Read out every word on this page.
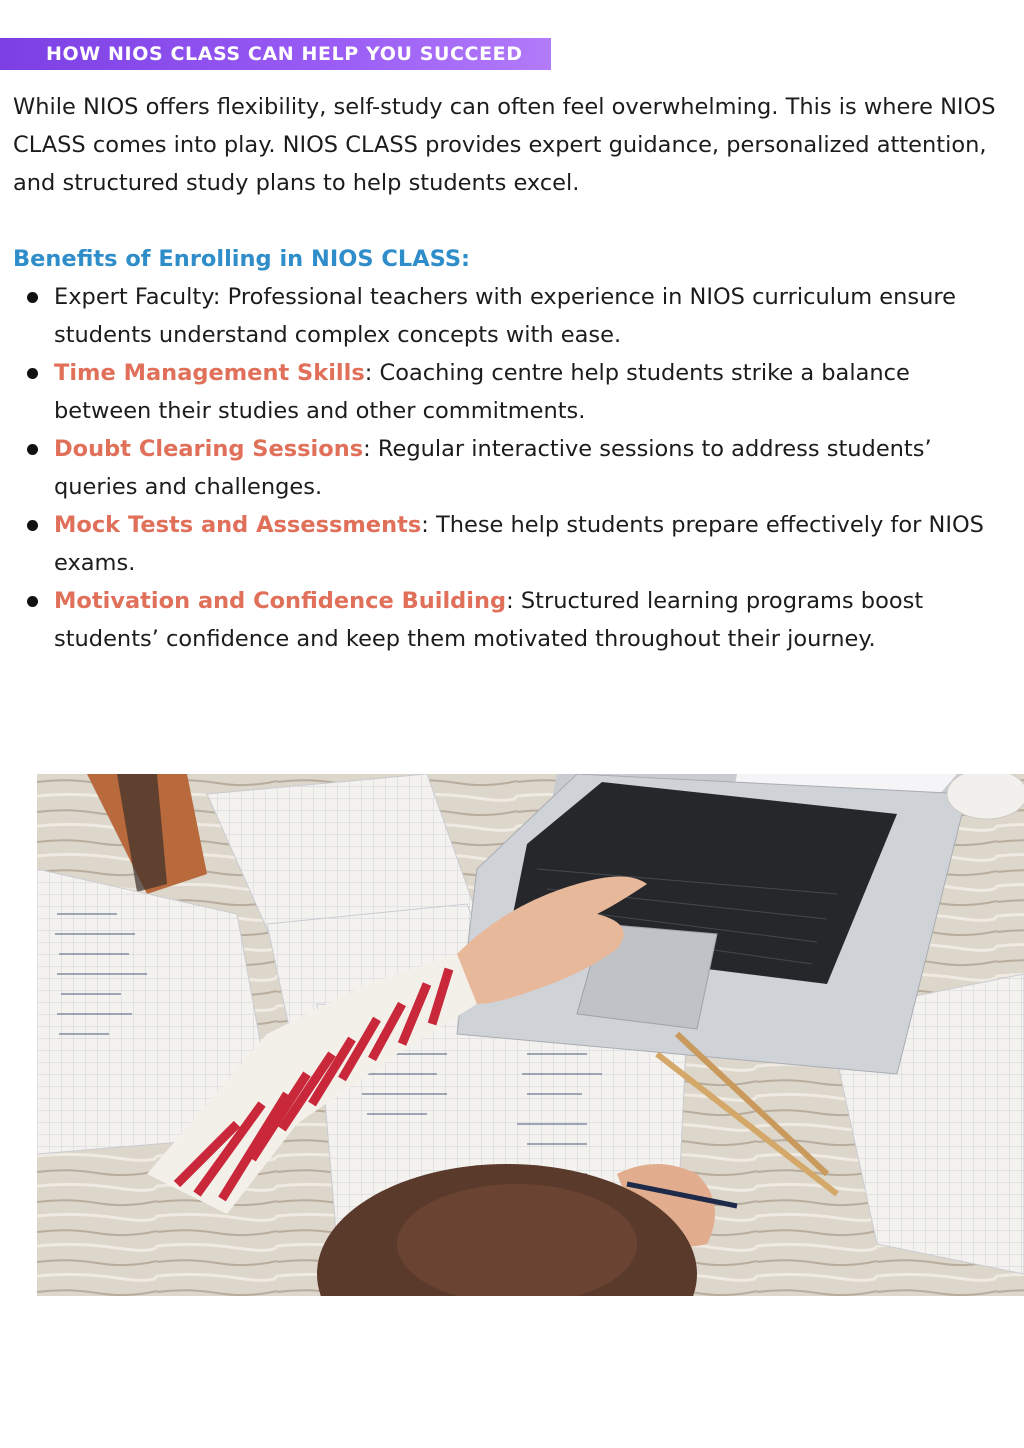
HOW NIOS CLASS CAN HELP YOU SUCCEED

While NIOS offers flexibility, self-study can often feel overwhelming. This is where NIOS CLASS comes into play. NIOS CLASS provides expert guidance, personalized attention, and structured study plans to help students excel.

Benefits of Enrolling in NIOS CLASS:
Expert Faculty: Professional teachers with experience in NIOS curriculum ensure students understand complex concepts with ease.
Time Management Skills: Coaching centre help students strike a balance between their studies and other commitments.
Doubt Clearing Sessions: Regular interactive sessions to address students’ queries and challenges.
Mock Tests and Assessments: These help students prepare effectively for NIOS exams.
Motivation and Confidence Building: Structured learning programs boost students’ confidence and keep them motivated throughout their journey.
